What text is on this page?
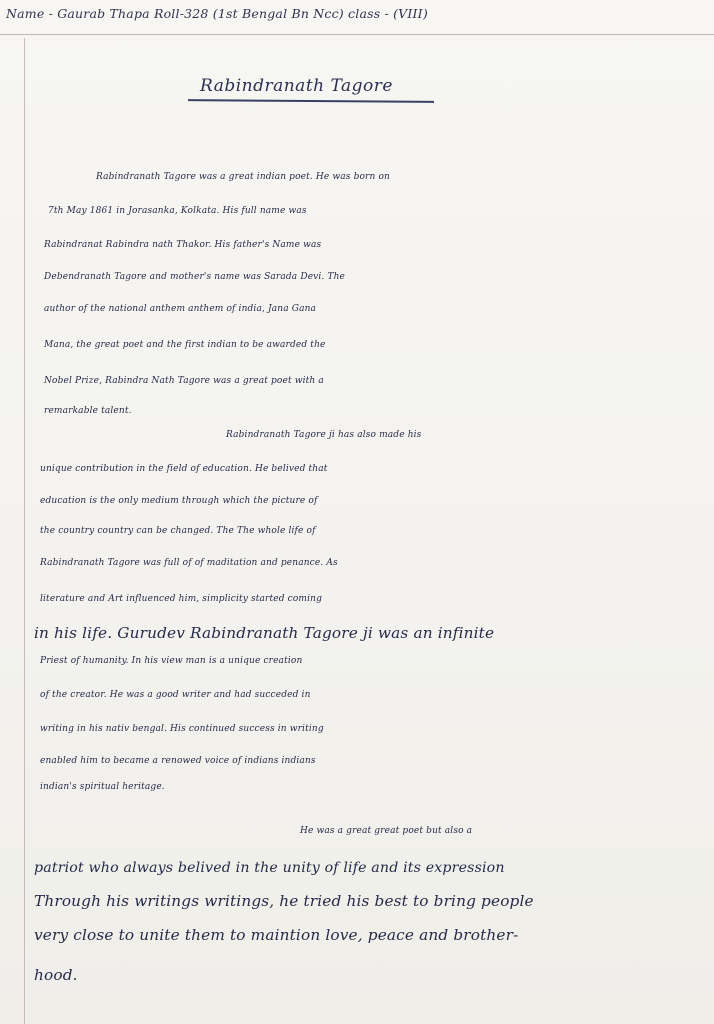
Name - Gaurab Thapa Roll-328 (1st Bengal Bn Ncc) class - (VIII)
Rabindranath Tagore
Rabindranath Tagore was a great indian poet. He was born on
7th May 1861 in Jorasanka, Kolkata. His full name was
Rabindranat Rabindra nath Thakor. His father's Name was
Debendranath Tagore and mother's name was Sarada Devi. The
author of the national anthem anthem of india, Jana Gana
Mana, the great poet and the first indian to be awarded the
Nobel Prize, Rabindra Nath Tagore was a great poet with a
remarkable talent.
Rabindranath Tagore ji has also made his
unique contribution in the field of education. He belived that
education is the only medium through which the picture of
the country country can be changed. The The whole life of
Rabindranath Tagore was full of of maditation and penance. As
literature and Art influenced him, simplicity started coming
in his life. Gurudev Rabindranath Tagore ji was an infinite
Priest of humanity. In his view man is a unique creation
of the creator. He was a good writer and had succeded in
writing in his nativ bengal. His continued success in writing
enabled him to became a renowed voice of indians indians
indian's spiritual heritage.
He was a great great poet but also a
patriot who always belived in the unity of life and its expression
Through his writings writings, he tried his best to bring people
very close to unite them to maintion love, peace and brother-
hood.
